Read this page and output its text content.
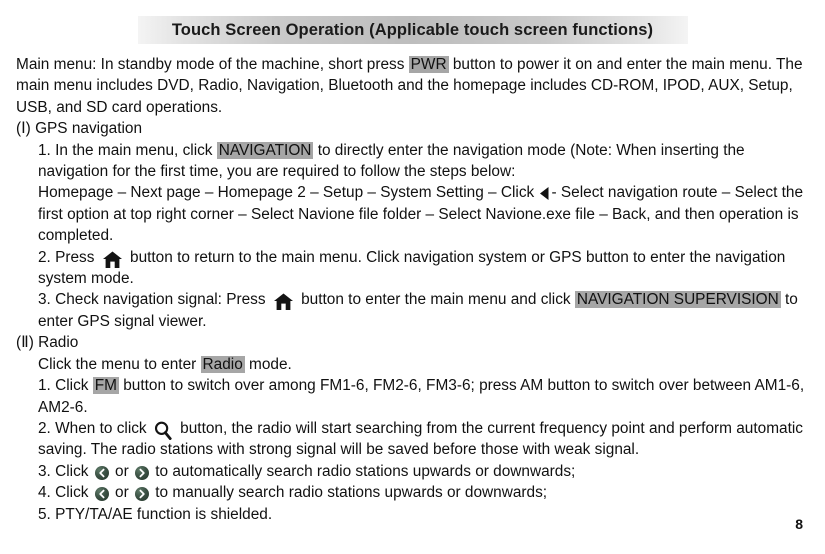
Touch Screen Operation (Applicable touch screen functions)

Main menu: In standby mode of the machine, short press PWR button to power it on and enter the main menu. The main menu includes DVD, Radio, Navigation, Bluetooth and the homepage includes CD-ROM, IPOD, AUX, Setup, USB, and SD card operations.

(Ⅰ) GPS navigation

1. In the main menu, click NAVIGATION to directly enter the navigation mode (Note: When inserting the navigation for the first time, you are required to follow the steps below:

Homepage – Next page – Homepage 2 – Setup – System Setting – Click
- Select navigation route – Select the first option at top right corner – Select Navione file folder – Select Navione.exe file – Back, and then operation is completed.

2. Press
button to return to the main menu. Click navigation system or GPS button to enter the navigation system mode.

3. Check navigation signal: Press
button to enter the main menu and click NAVIGATION SUPERVISION to enter GPS signal viewer.

(Ⅱ) Radio

Click the menu to enter Radio mode.

1. Click FM button to switch over among FM1-6, FM2-6, FM3-6; press AM button to switch over between AM1-6, AM2-6.

2. When to click
button, the radio will start searching from the current frequency point and perform automatic saving. The radio stations with strong signal will be saved before those with weak signal.

3. Click
or
to automatically search radio stations upwards or downwards;

4. Click
or
to manually search radio stations upwards or downwards;

5. PTY/TA/AE function is shielded.

8
